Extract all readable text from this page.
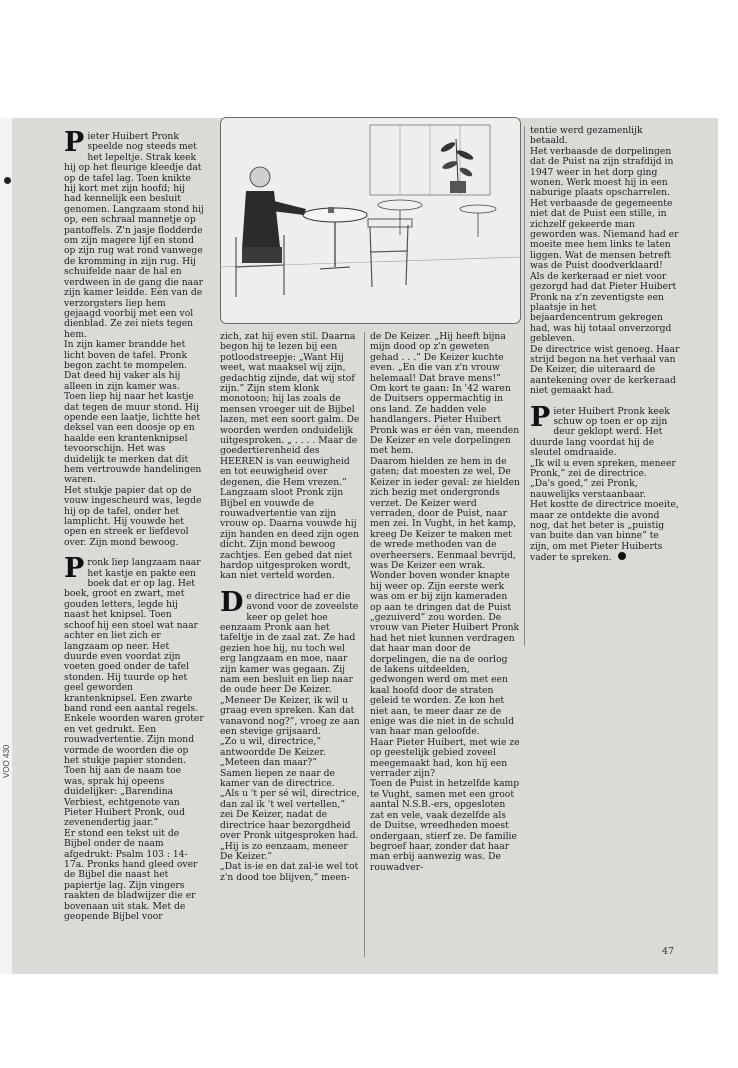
VOO 430

Pieter Huibert Pronk speelde nog steeds met het lepeltje. Strak keek hij op het fleurige kleedje dat op de tafel lag. Toen knikte hij kort met zijn hoofd; hij had kennelijk een besluit genomen. Langzaam stond hij op, een schraal mannetje op pantoffels. Z'n jasje flodderde om zijn magere lijf en stond op zijn rug wat rond vanwege de kromming in zijn rug. Hij schuifelde naar de hal en verdween in de gang die naar zijn kamer leidde. Eén van de verzorgsters liep hem gejaagd voorbij met een vol dienblad. Ze zei niets tegen hem.

In zijn kamer brandde het licht boven de tafel. Pronk begon zacht te mompelen. Dat deed hij vaker als hij alleen in zijn kamer was. Toen liep hij naar het kastje dat tegen de muur stond. Hij opende een laatje, lichtte het deksel van een doosje op en haalde een krantenknipsel tevoorschijn. Het was duidelijk te merken dat dit hem vertrouwde handelingen waren.

Het stukje papier dat op de vouw ingescheurd was, legde hij op de tafel, onder het lamplicht. Hij vouwde het open en streek er liefdevol over. Zijn mond bewoog.

Pronk liep langzaam naar het kastje en pakte een boek dat er op lag. Het boek, groot en zwart, met gouden letters, legde hij naast het knipsel. Toen schoof hij een stoel wat naar achter en liet zich er langzaam op neer. Het duurde even voordat zijn voeten goed onder de tafel stonden. Hij tuurde op het geel geworden krantenknipsel. Een zwarte band rond een aantal regels. Enkele woorden waren groter en vet gedrukt. Een rouwadvertentie. Zijn mond vormde de woorden die op het stukje papier stonden. Toen hij aan de naam toe was, sprak hij opeens duidelijker: „Barendina Verbiest, echtgenote van Pieter Huibert Pronk, oud zevenendertig jaar.”

Er stond een tekst uit de Bijbel onder de naam afgedrukt: Psalm 103 : 14-17a. Pronks hand gleed over de Bijbel die naast het papiertje lag. Zijn vingers raakten de bladwijzer die er bovenaan uit stak. Met de geopende Bijbel voor

zich, zat hij even stil. Daarna begon hij te lezen bij een potloodstreepje: „Want Hij weet, wat maaksel wij zijn, gedachtig zijnde, dat wij stof zijn.” Zijn stem klonk monotoon; hij las zoals de mensen vroeger uit de Bijbel lazen, met een soort galm. De woorden werden onduidelijk uitgesproken. „ . . . . Maar de goedertierenheid des HEEREN is van eeuwigheid en tot eeuwigheid over degenen, die Hem vrezen.” Langzaam sloot Pronk zijn Bijbel en vouwde de rouwadvertentie van zijn vrouw op. Daarna vouwde hij zijn handen en deed zijn ogen dicht. Zijn mond bewoog zachtjes. Een gebed dat niet hardop uitgesproken wordt, kan niet verteld worden.

De directrice had er die avond voor de zoveelste keer op gelet hoe eenzaam Pronk aan het tafeltje in de zaal zat. Ze had gezien hoe hij, nu toch wel erg langzaam en moe, naar zijn kamer was gegaan. Zij nam een besluit en liep naar de oude heer De Keizer.

„Meneer De Keizer, ik wil u graag even spreken. Kan dat vanavond nog?”, vroeg ze aan een stevige grijsaard.

„Zo u wil, directrice,” antwoordde De Keizer. „Meteen dan maar?”

Samen liepen ze naar de kamer van de directrice.

„Als u 't per sé wil, directrice, dan zal ik 't wel vertellen,” zei De Keizer, nadat de directrice haar bezorgdheid over Pronk uitgesproken had. „Hij is zo eenzaam, meneer De Keizer.”

„Dat is-ie en dat zal-ie wel tot z'n dood toe blijven,” meen-

de De Keizer. „Hij heeft bijna mijn dood op z'n geweten gehad . . .” De Keizer kuchte even. „En die van z'n vrouw helemaal! Dat brave mens!” Om kort te gaan: In '42 waren de Duitsers oppermachtig in ons land. Ze hadden vele handlangers. Pieter Huibert Pronk was er één van, meenden De Keizer en vele dorpelingen met hem.

Daarom hielden ze hem in de gaten; dat moesten ze wel, De Keizer in ieder geval: ze hielden zich bezig met ondergronds verzet. De Keizer werd verraden, door de Puist, naar men zei. In Vught, in het kamp, kreeg De Keizer te maken met de wrede methoden van de overheersers. Eenmaal bevrijd, was De Keizer een wrak. Wonder boven wonder knapte hij weer op. Zijn eerste werk was om er bij zijn kameraden op aan te dringen dat de Puist „gezuiverd” zou worden. De vrouw van Pieter Huibert Pronk had het niet kunnen verdragen dat haar man door de dorpelingen, die na de oorlog de lakens uitdeelden, gedwongen werd om met een kaal hoofd door de straten geleid te worden. Ze kon het niet aan, te meer daar ze de enige was die niet in de schuld van haar man geloofde.

Haar Pieter Huibert, met wie ze op geestelijk gebied zoveel meegemaakt had, kon hij een verrader zijn?

Toen de Puist in hetzelfde kamp te Vught, samen met een groot aantal N.S.B.-ers, opgesloten zat en vele, vaak dezelfde als de Duitse, wreedheden moest ondergaan, stierf ze. De familie begroef haar, zonder dat haar man erbij aanwezig was. De rouwadver-

tentie werd gezamenlijk betaald.

Het verbaasde de dorpelingen dat de Puist na zijn strafdijd in 1947 weer in het dorp ging wonen. Werk moest hij in een naburige plaats opscharrelen. Het verbaasde de gegemeente niet dat de Puist een stille, in zichzelf gekeerde man geworden was. Niemand had er moeite mee hem links te laten liggen. Wat de mensen betreft was de Puist doodverklaard!

Als de kerkeraad er niet voor gezorgd had dat Pieter Huibert Pronk na z'n zeventigste een plaatsje in het bejaardencentrum gekregen had, was hij totaal onverzorgd gebleven.

De directrice wist genoeg. Haar strijd begon na het verhaal van De Keizer, die uiteraard de aantekening over de kerkeraad niet gemaakt had.

Pieter Huibert Pronk keek schuw op toen er op zijn deur geklopt werd. Het duurde lang voordat hij de sleutel omdraaide.

„Ik wil u even spreken, meneer Pronk,” zei de directrice.

„Da's goed,” zei Pronk, nauwelijks verstaanbaar.

Het kostte de directrice moeite, maar ze ontdekte die avond nog, dat het beter is „puistig van buite dan van binne” te zijn, om met Pieter Huiberts vader te spreken.

47
